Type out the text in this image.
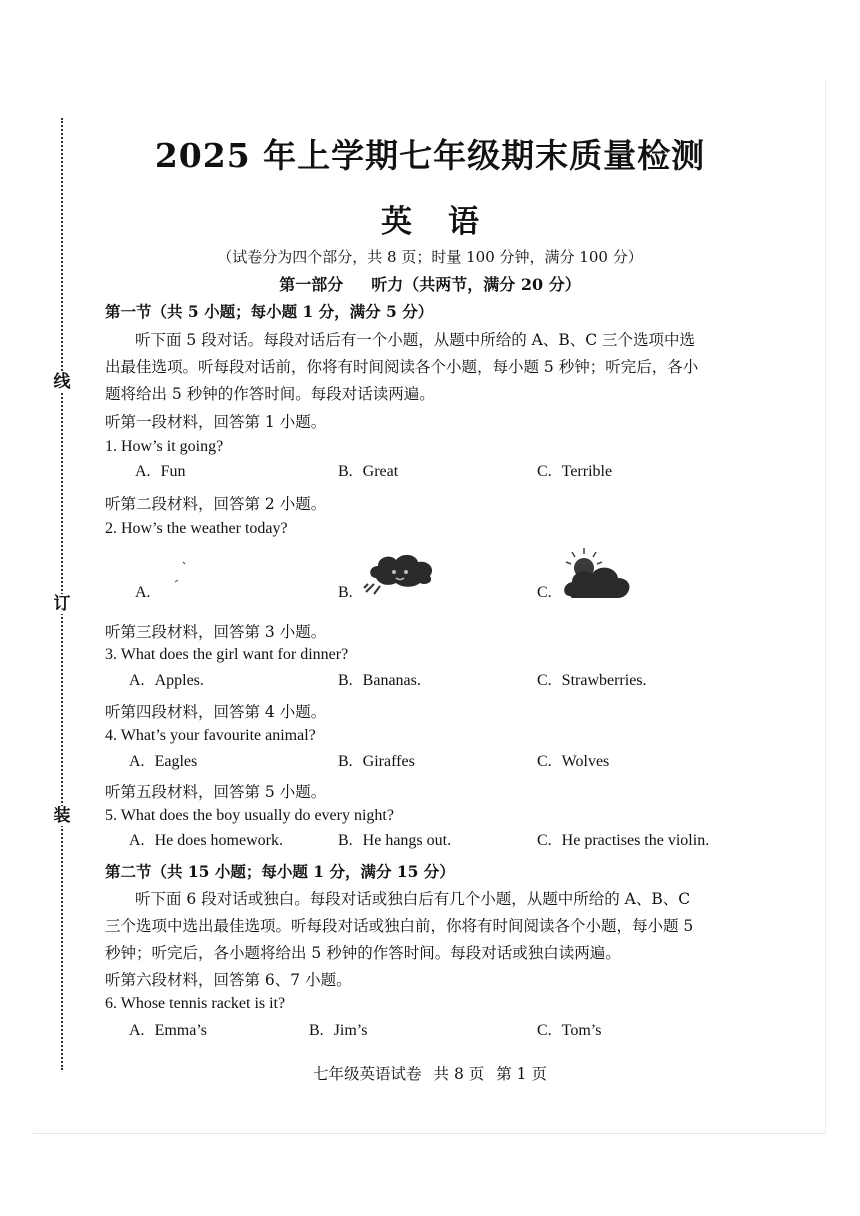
线
订
装
2025 年上学期七年级期末质量检测
英语
（试卷分为四个部分，共 8 页；时量 100 分钟，满分 100 分）
第一部分 听力（共两节，满分 20 分）
第一节（共 5 小题；每小题 1 分，满分 5 分）
听下面 5 段对话。每段对话后有一个小题，从题中所给的 A、B、C 三个选项中选
出最佳选项。听每段对话前，你将有时间阅读各个小题，每小题 5 秒钟；听完后，各小
题将给出 5 秒钟的作答时间。每段对话读两遍。
听第一段材料，回答第 1 小题。
1. How’s it going?
A. Fun	B. Great	C. Terrible
听第二段材料，回答第 2 小题。
2. How’s the weather today?
A.	B.	C.
听第三段材料，回答第 3 小题。
3. What does the girl want for dinner?
A. Apples.	B. Bananas.	C. Strawberries.
听第四段材料，回答第 4 小题。
4. What’s your favourite animal?
A. Eagles	B. Giraffes	C. Wolves
听第五段材料，回答第 5 小题。
5. What does the boy usually do every night?
A. He does homework.	B. He hangs out.	C. He practises the violin.
第二节（共 15 小题；每小题 1 分，满分 15 分）
听下面 6 段对话或独白。每段对话或独白后有几个小题，从题中所给的 A、B、C
三个选项中选出最佳选项。听每段对话或独白前，你将有时间阅读各个小题，每小题 5
秒钟；听完后，各小题将给出 5 秒钟的作答时间。每段对话或独白读两遍。
听第六段材料，回答第 6、7 小题。
6. Whose tennis racket is it?
A. Emma’s	B. Jim’s	C. Tom’s
七年级英语试卷 共 8 页 第 1 页
